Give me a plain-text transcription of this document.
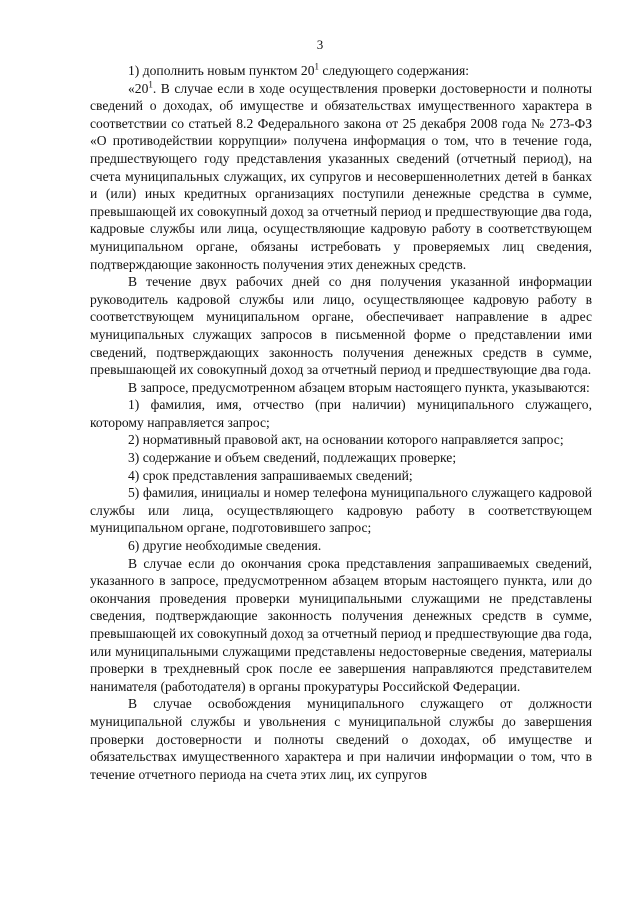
3

1) дополнить новым пунктом $20^1$ следующего содержания:

«$20^1$. В случае если в ходе осуществления проверки достоверности и полноты сведений о доходах, об имуществе и обязательствах имущественного характера в соответствии со статьей 8.2 Федерального закона от 25 декабря 2008 года № 273-ФЗ «О противодействии коррупции» получена информация о том, что в течение года, предшествующего году представления указанных сведений (отчетный период), на счета муниципальных служащих, их супругов и несовершеннолетних детей в банках и (или) иных кредитных организациях поступили денежные средства в сумме, превышающей их совокупный доход за отчетный период и предшествующие два года, кадровые службы или лица, осуществляющие кадровую работу в соответствующем муниципальном органе, обязаны истребовать у проверяемых лиц сведения, подтверждающие законность получения этих денежных средств.

В течение двух рабочих дней со дня получения указанной информации руководитель кадровой службы или лицо, осуществляющее кадровую работу в соответствующем муниципальном органе, обеспечивает направление в адрес муниципальных служащих запросов в письменной форме о представлении ими сведений, подтверждающих законность получения денежных средств в сумме, превышающей их совокупный доход за отчетный период и предшествующие два года.

В запросе, предусмотренном абзацем вторым настоящего пункта, указываются:

1) фамилия, имя, отчество (при наличии) муниципального служащего, которому направляется запрос;

2) нормативный правовой акт, на основании которого направляется запрос;

3) содержание и объем сведений, подлежащих проверке;

4) срок представления запрашиваемых сведений;

5) фамилия, инициалы и номер телефона муниципального служащего кадровой службы или лица, осуществляющего кадровую работу в соответствующем муниципальном органе, подготовившего запрос;

6) другие необходимые сведения.

В случае если до окончания срока представления запрашиваемых сведений, указанного в запросе, предусмотренном абзацем вторым настоящего пункта, или до окончания проведения проверки муниципальными служащими не представлены сведения, подтверждающие законность получения денежных средств в сумме, превышающей их совокупный доход за отчетный период и предшествующие два года, или муниципальными служащими представлены недостоверные сведения, материалы проверки в трехдневный срок после ее завершения направляются представителем нанимателя (работодателя) в органы прокуратуры Российской Федерации.

В случае освобождения муниципального служащего от должности муниципальной службы и увольнения с муниципальной службы до завершения проверки достоверности и полноты сведений о доходах, об имуществе и обязательствах имущественного характера и при наличии информации о том, что в течение отчетного периода на счета этих лиц, их супругов
